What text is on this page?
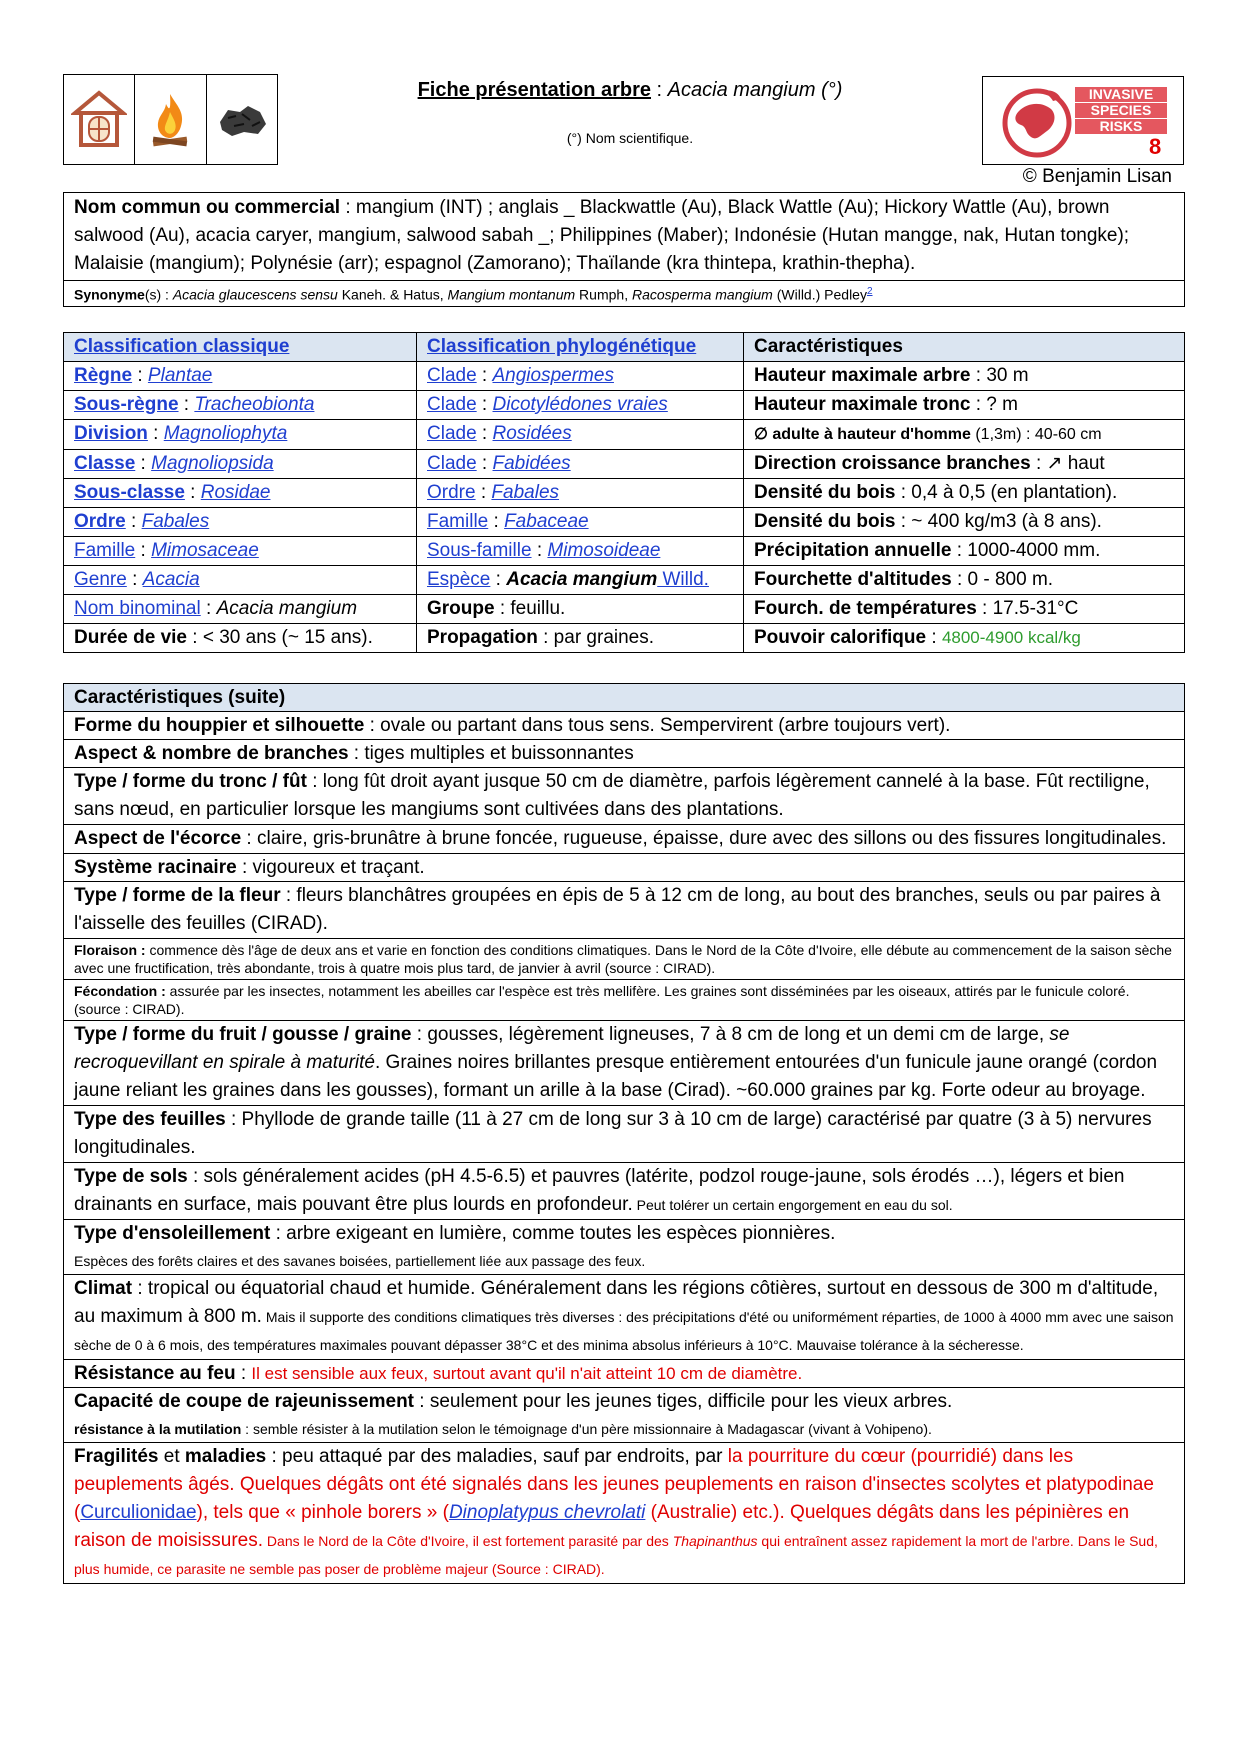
Fiche présentation arbre : Acacia mangium (°)
(°) Nom scientifique.
INVASIVE
SPECIES
RISKS
8
© Benjamin Lisan
Nom commun ou commercial : mangium (INT) ; anglais _ Blackwattle (Au), Black Wattle (Au); Hickory Wattle (Au), brown salwood (Au), acacia caryer, mangium, salwood sabah _; Philippines (Maber); Indonésie (Hutan mangge, nak, Hutan tongke); Malaisie (mangium); Polynésie (arr); espagnol (Zamorano); Thaïlande (kra thintepa, krathin-thepha).
Synonyme(s) : Acacia glaucescens sensu Kaneh. & Hatus, Mangium montanum Rumph, Racosperma mangium (Willd.) Pedley$^2$
Classification classique	Classification phylogénétique	Caractéristiques
Règne : Plantae	Clade : Angiospermes	Hauteur maximale arbre : 30 m
Sous-règne : Tracheobionta	Clade : Dicotylédones vraies	Hauteur maximale tronc : ? m
Division : Magnoliophyta	Clade : Rosidées	∅ adulte à hauteur d'homme (1,3m) : 40-60 cm
Classe : Magnoliopsida	Clade : Fabidées	Direction croissance branches : ↗ haut
Sous-classe : Rosidae	Ordre : Fabales	Densité du bois : 0,4 à 0,5 (en plantation).
Ordre : Fabales	Famille : Fabaceae	Densité du bois : ~ 400 kg/m3 (à 8 ans).
Famille : Mimosaceae	Sous-famille : Mimosoideae	Précipitation annuelle : 1000-4000 mm.
Genre : Acacia	Espèce : Acacia mangium Willd.	Fourchette d'altitudes : 0 - 800 m.
Nom binominal : Acacia mangium	Groupe : feuillu.	Fourch. de températures : 17.5-31°C
Durée de vie : < 30 ans (~ 15 ans).	Propagation : par graines.	Pouvoir calorifique : 4800-4900 kcal/kg
Caractéristiques (suite)
Forme du houppier et silhouette : ovale ou partant dans tous sens. Sempervirent (arbre toujours vert).
Aspect & nombre de branches : tiges multiples et buissonnantes
Type / forme du tronc / fût : long fût droit ayant jusque 50 cm de diamètre, parfois légèrement cannelé à la base. Fût rectiligne, sans nœud, en particulier lorsque les mangiums sont cultivées dans des plantations.
Aspect de l'écorce : claire, gris-brunâtre à brune foncée, rugueuse, épaisse, dure avec des sillons ou des fissures longitudinales.
Système racinaire : vigoureux et traçant.
Type / forme de la fleur : fleurs blanchâtres groupées en épis de 5 à 12 cm de long, au bout des branches, seuls ou par paires à l'aisselle des feuilles (CIRAD).
Floraison : commence dès l'âge de deux ans et varie en fonction des conditions climatiques. Dans le Nord de la Côte d'Ivoire, elle débute au commencement de la saison sèche avec une fructification, très abondante, trois à quatre mois plus tard, de janvier à avril (source : CIRAD).
Fécondation : assurée par les insectes, notamment les abeilles car l'espèce est très mellifère. Les graines sont disséminées par les oiseaux, attirés par le funicule coloré. (source : CIRAD).
Type / forme du fruit / gousse / graine : gousses, légèrement ligneuses, 7 à 8 cm de long et un demi cm de large, se recroquevillant en spirale à maturité. Graines noires brillantes presque entièrement entourées d'un funicule jaune orangé (cordon jaune reliant les graines dans les gousses), formant un arille à la base (Cirad). ~60.000 graines par kg. Forte odeur au broyage.
Type des feuilles : Phyllode de grande taille (11 à 27 cm de long sur 3 à 10 cm de large) caractérisé par quatre (3 à 5) nervures longitudinales.
Type de sols : sols généralement acides (pH 4.5-6.5) et pauvres (latérite, podzol rouge-jaune, sols érodés …), légers et bien drainants en surface, mais pouvant être plus lourds en profondeur. Peut tolérer un certain engorgement en eau du sol.
Type d'ensoleillement : arbre exigeant en lumière, comme toutes les espèces pionnières.
Espèces des forêts claires et des savanes boisées, partiellement liée aux passage des feux.
Climat : tropical ou équatorial chaud et humide. Généralement dans les régions côtières, surtout en dessous de 300 m d'altitude, au maximum à 800 m. Mais il supporte des conditions climatiques très diverses : des précipitations d'été ou uniformément réparties, de 1000 à 4000 mm avec une saison sèche de 0 à 6 mois, des températures maximales pouvant dépasser 38°C et des minima absolus inférieurs à 10°C. Mauvaise tolérance à la sécheresse.
Résistance au feu : Il est sensible aux feux, surtout avant qu'il n'ait atteint 10 cm de diamètre.
Capacité de coupe de rajeunissement : seulement pour les jeunes tiges, difficile pour les vieux arbres.
résistance à la mutilation : semble résister à la mutilation selon le témoignage d'un père missionnaire à Madagascar (vivant à Vohipeno).
Fragilités et maladies : peu attaqué par des maladies, sauf par endroits, par la pourriture du cœur (pourridié) dans les peuplements âgés. Quelques dégâts ont été signalés dans les jeunes peuplements en raison d'insectes scolytes et platypodinae (Curculionidae), tels que « pinhole borers » (Dinoplatypus chevrolati (Australie) etc.). Quelques dégâts dans les pépinières en raison de moisissures. Dans le Nord de la Côte d'Ivoire, il est fortement parasité par des Thapinanthus qui entraînent assez rapidement la mort de l'arbre. Dans le Sud, plus humide, ce parasite ne semble pas poser de problème majeur (Source : CIRAD).
